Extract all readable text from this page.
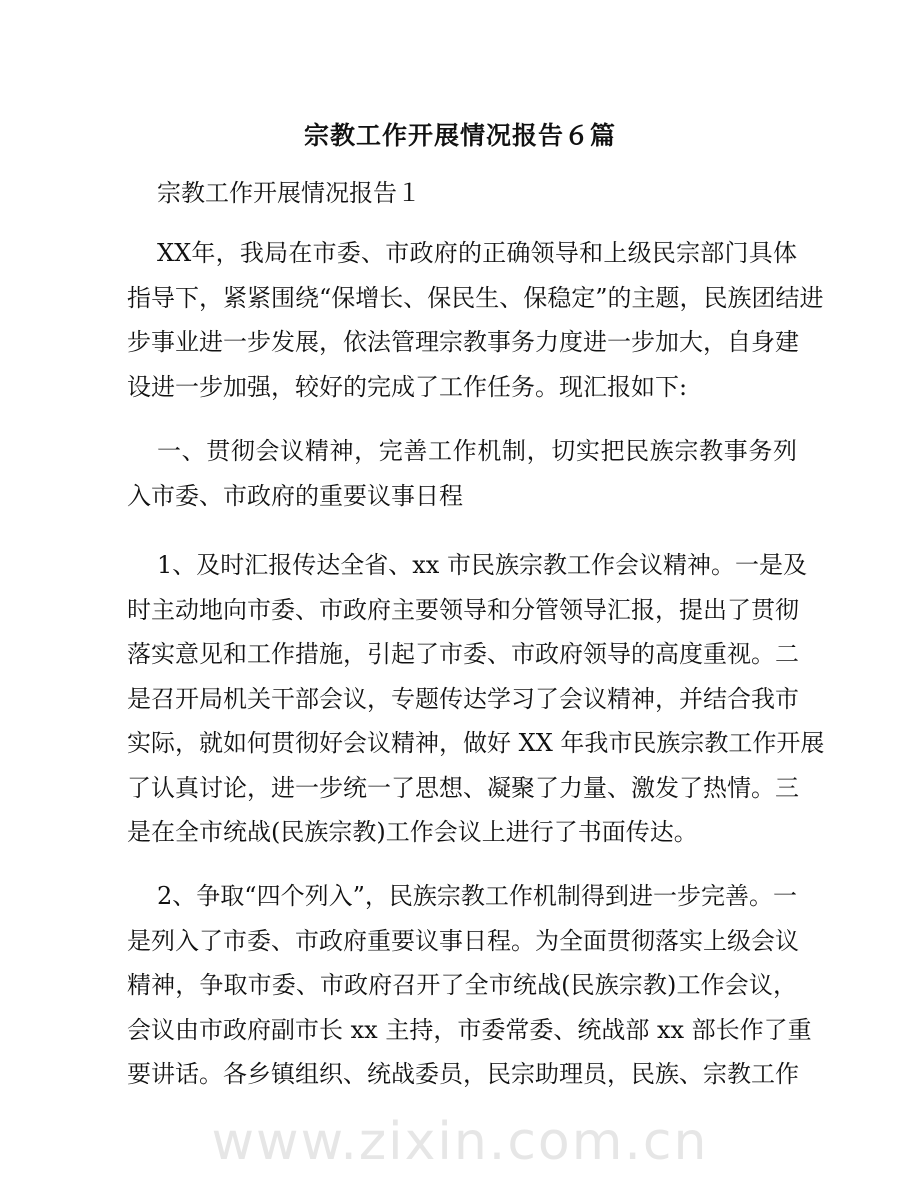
宗教工作开展情况报告６篇
宗教工作开展情况报告１
XX年，我局在市委、市政府的正确领导和上级民宗部门具体
指导下，紧紧围绕“保增长、保民生、保稳定”的主题，民族团结进
步事业进一步发展，依法管理宗教事务力度进一步加大，自身建
设进一步加强，较好的完成了工作任务。现汇报如下:
一、贯彻会议精神，完善工作机制，切实把民族宗教事务列
入市委、市政府的重要议事日程
1、及时汇报传达全省、xx 市民族宗教工作会议精神。一是及
时主动地向市委、市政府主要领导和分管领导汇报，提出了贯彻
落实意见和工作措施，引起了市委、市政府领导的高度重视。二
是召开局机关干部会议，专题传达学习了会议精神，并结合我市
实际，就如何贯彻好会议精神，做好 XX 年我市民族宗教工作开展
了认真讨论，进一步统一了思想、凝聚了力量、激发了热情。三
是在全市统战(民族宗教)工作会议上进行了书面传达。
2、争取“四个列入”，民族宗教工作机制得到进一步完善。一
是列入了市委、市政府重要议事日程。为全面贯彻落实上级会议
精神，争取市委、市政府召开了全市统战(民族宗教)工作会议，
会议由市政府副市长 xx 主持，市委常委、统战部 xx 部长作了重
要讲话。各乡镇组织、统战委员，民宗助理员，民族、宗教工作
www.zixin.com.cn
